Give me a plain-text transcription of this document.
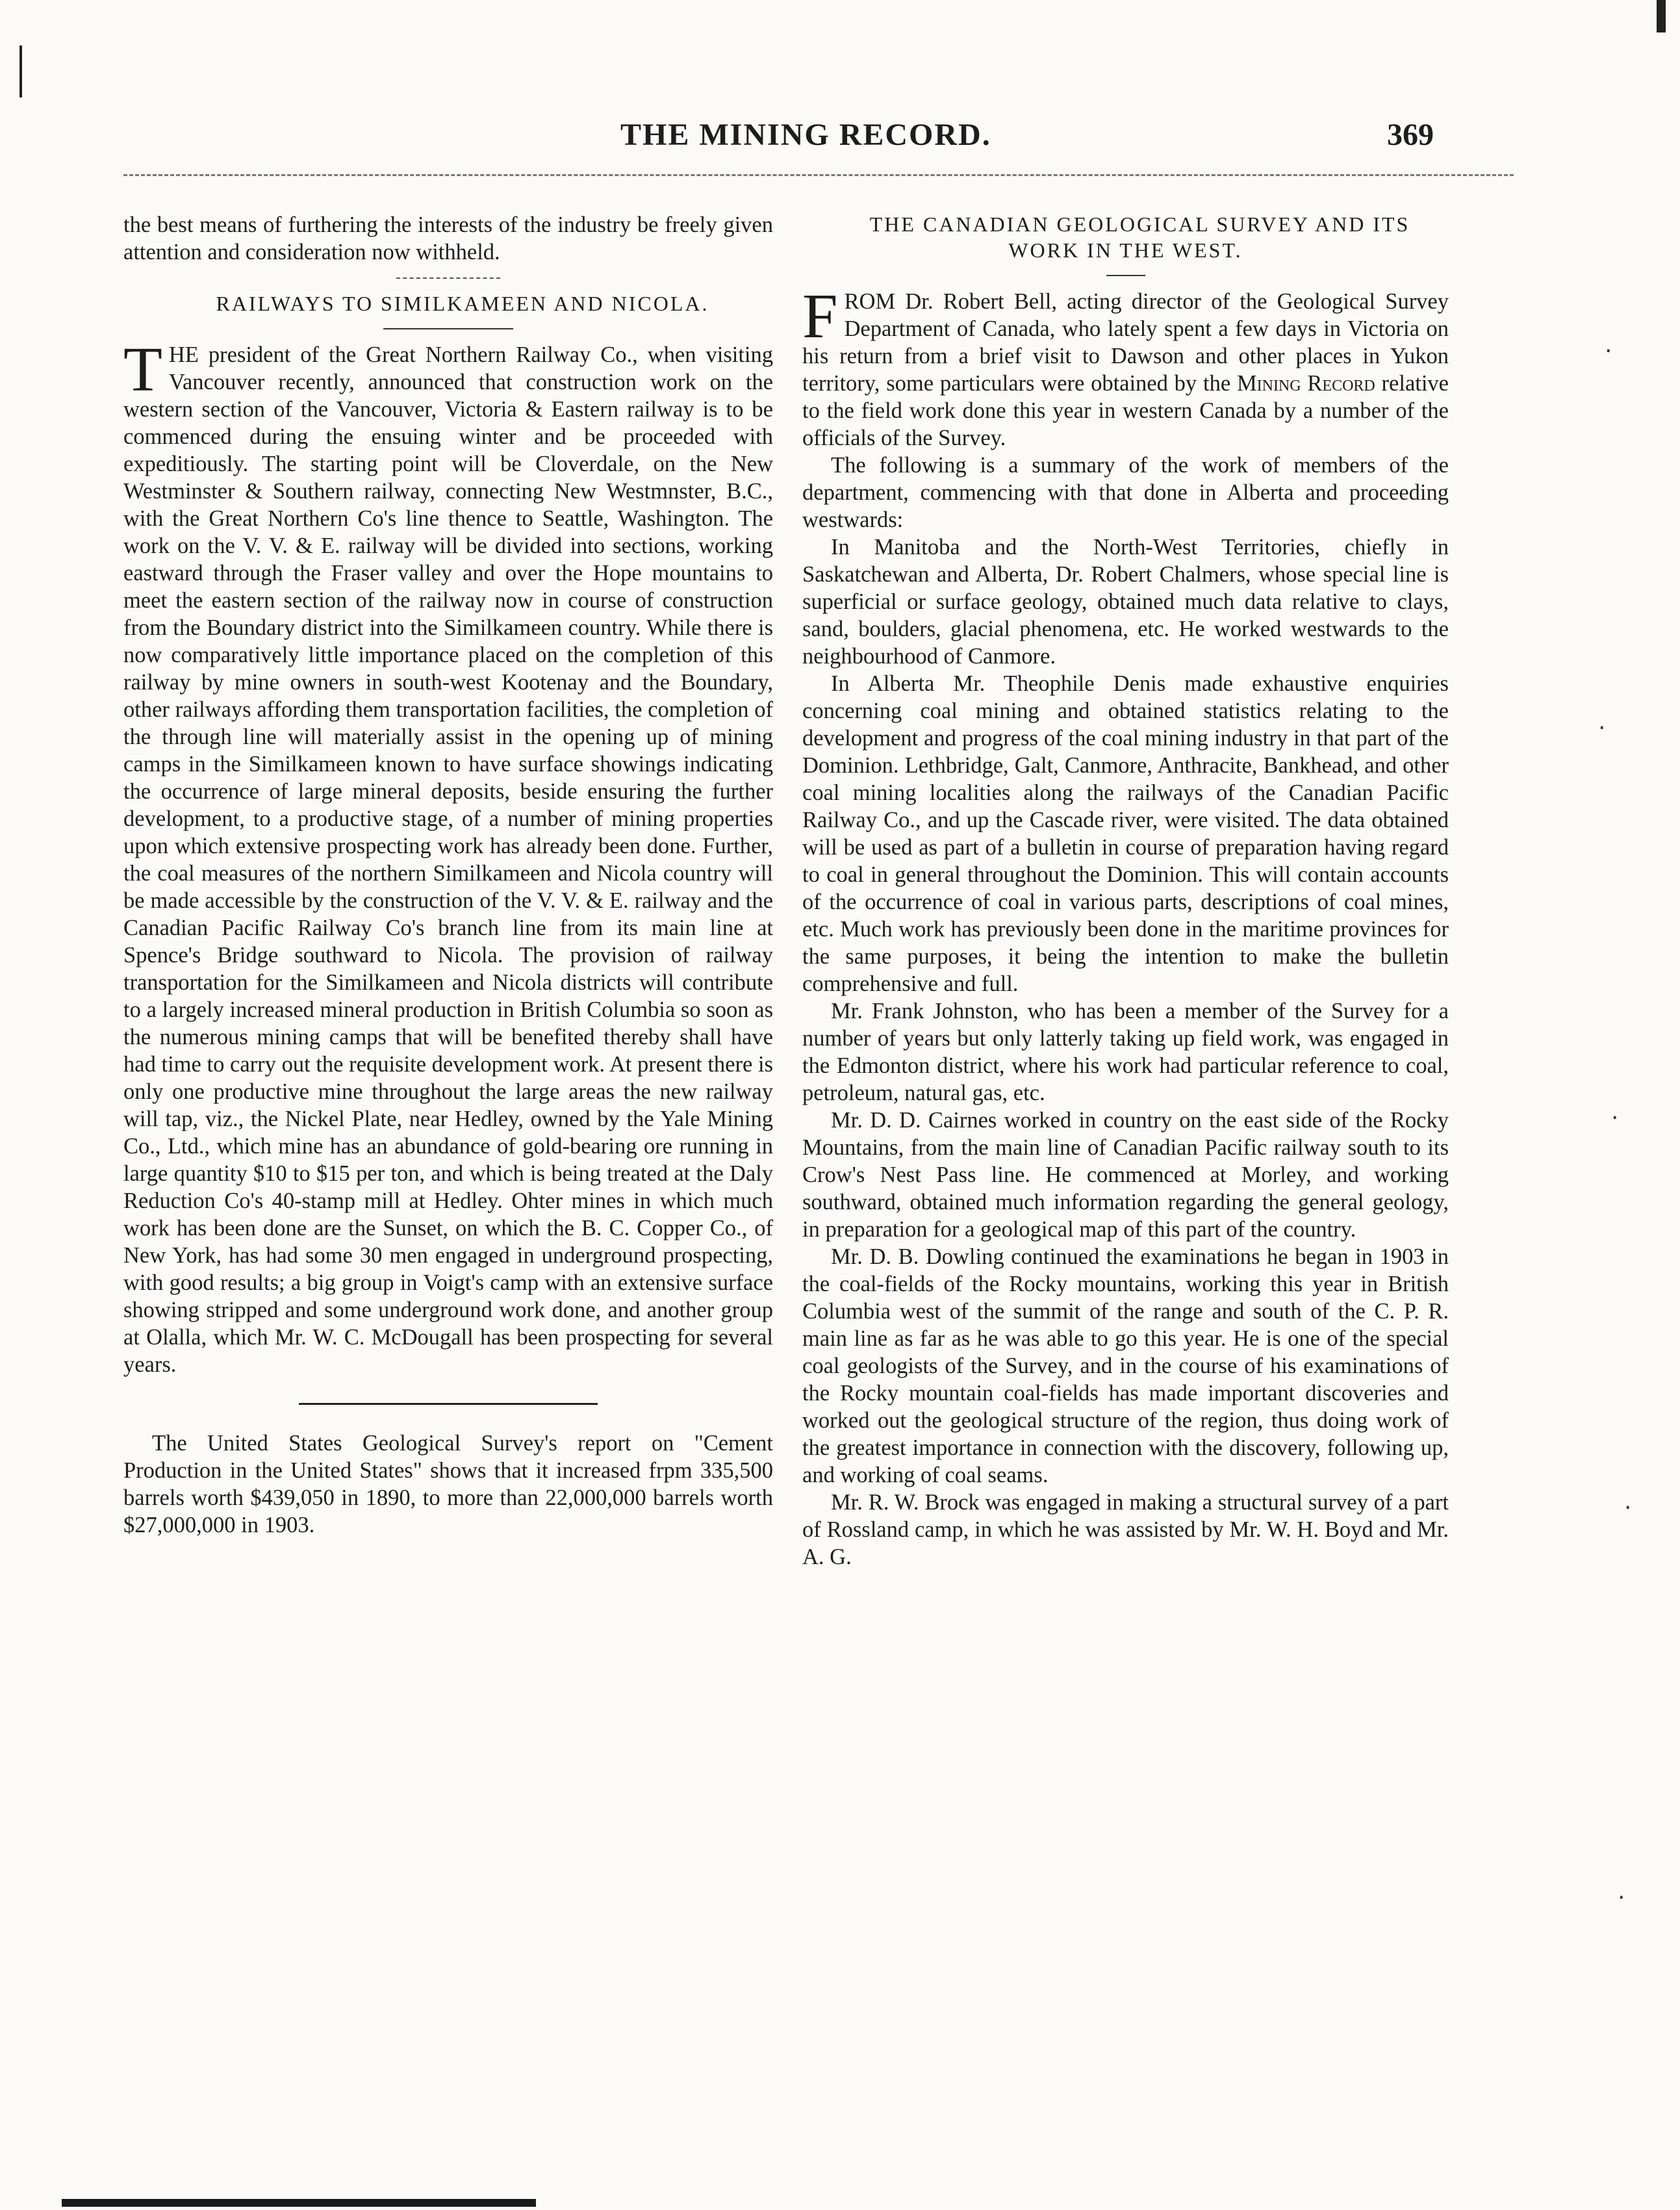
THE MINING RECORD.	369

the best means of furthering the interests of the industry be freely given attention and consideration now withheld.

RAILWAYS TO SIMILKAMEEN AND NICOLA.

THE president of the Great Northern Railway Co., when visiting Vancouver recently, announced that construction work on the western section of the Vancouver, Victoria & Eastern railway is to be commenced during the ensuing winter and be proceeded with expeditiously. The starting point will be Cloverdale, on the New Westminster & Southern railway, connecting New Westmnster, B.C., with the Great Northern Co's line thence to Seattle, Washington. The work on the V. V. & E. railway will be divided into sections, working eastward through the Fraser valley and over the Hope mountains to meet the eastern section of the railway now in course of construction from the Boundary district into the Similkameen country. While there is now comparatively little importance placed on the completion of this railway by mine owners in south-west Kootenay and the Boundary, other railways affording them transportation facilities, the completion of the through line will materially assist in the opening up of mining camps in the Similkameen known to have surface showings indicating the occurrence of large mineral deposits, beside ensuring the further development, to a productive stage, of a number of mining properties upon which extensive prospecting work has already been done. Further, the coal measures of the northern Similkameen and Nicola country will be made accessible by the construction of the V. V. & E. railway and the Canadian Pacific Railway Co's branch line from its main line at Spence's Bridge southward to Nicola. The provision of railway transportation for the Similkameen and Nicola districts will contribute to a largely increased mineral production in British Columbia so soon as the numerous mining camps that will be benefited thereby shall have had time to carry out the requisite development work. At present there is only one productive mine throughout the large areas the new railway will tap, viz., the Nickel Plate, near Hedley, owned by the Yale Mining Co., Ltd., which mine has an abundance of gold-bearing ore running in large quantity $10 to $15 per ton, and which is being treated at the Daly Reduction Co's 40-stamp mill at Hedley. Ohter mines in which much work has been done are the Sunset, on which the B. C. Copper Co., of New York, has had some 30 men engaged in underground prospecting, with good results; a big group in Voigt's camp with an extensive surface showing stripped and some underground work done, and another group at Olalla, which Mr. W. C. McDougall has been prospecting for several years.

The United States Geological Survey's report on "Cement Production in the United States" shows that it increased frpm 335,500 barrels worth $439,050 in 1890, to more than 22,000,000 barrels worth $27,000,000 in 1903.

THE CANADIAN GEOLOGICAL SURVEY AND ITS WORK IN THE WEST.

FROM Dr. Robert Bell, acting director of the Geological Survey Department of Canada, who lately spent a few days in Victoria on his return from a brief visit to Dawson and other places in Yukon territory, some particulars were obtained by the Mining Record relative to the field work done this year in western Canada by a number of the officials of the Survey.

The following is a summary of the work of members of the department, commencing with that done in Alberta and proceeding westwards:

In Manitoba and the North-West Territories, chiefly in Saskatchewan and Alberta, Dr. Robert Chalmers, whose special line is superficial or surface geology, obtained much data relative to clays, sand, boulders, glacial phenomena, etc. He worked westwards to the neighbourhood of Canmore.

In Alberta Mr. Theophile Denis made exhaustive enquiries concerning coal mining and obtained statistics relating to the development and progress of the coal mining industry in that part of the Dominion. Lethbridge, Galt, Canmore, Anthracite, Bankhead, and other coal mining localities along the railways of the Canadian Pacific Railway Co., and up the Cascade river, were visited. The data obtained will be used as part of a bulletin in course of preparation having regard to coal in general throughout the Dominion. This will contain accounts of the occurrence of coal in various parts, descriptions of coal mines, etc. Much work has previously been done in the maritime provinces for the same purposes, it being the intention to make the bulletin comprehensive and full.

Mr. Frank Johnston, who has been a member of the Survey for a number of years but only latterly taking up field work, was engaged in the Edmonton district, where his work had particular reference to coal, petroleum, natural gas, etc.

Mr. D. D. Cairnes worked in country on the east side of the Rocky Mountains, from the main line of Canadian Pacific railway south to its Crow's Nest Pass line. He commenced at Morley, and working southward, obtained much information regarding the general geology, in preparation for a geological map of this part of the country.

Mr. D. B. Dowling continued the examinations he began in 1903 in the coal-fields of the Rocky mountains, working this year in British Columbia west of the summit of the range and south of the C. P. R. main line as far as he was able to go this year. He is one of the special coal geologists of the Survey, and in the course of his examinations of the Rocky mountain coal-fields has made important discoveries and worked out the geological structure of the region, thus doing work of the greatest importance in connection with the discovery, following up, and working of coal seams.

Mr. R. W. Brock was engaged in making a structural survey of a part of Rossland camp, in which he was assisted by Mr. W. H. Boyd and Mr. A. G.

·
·
·
·
·
